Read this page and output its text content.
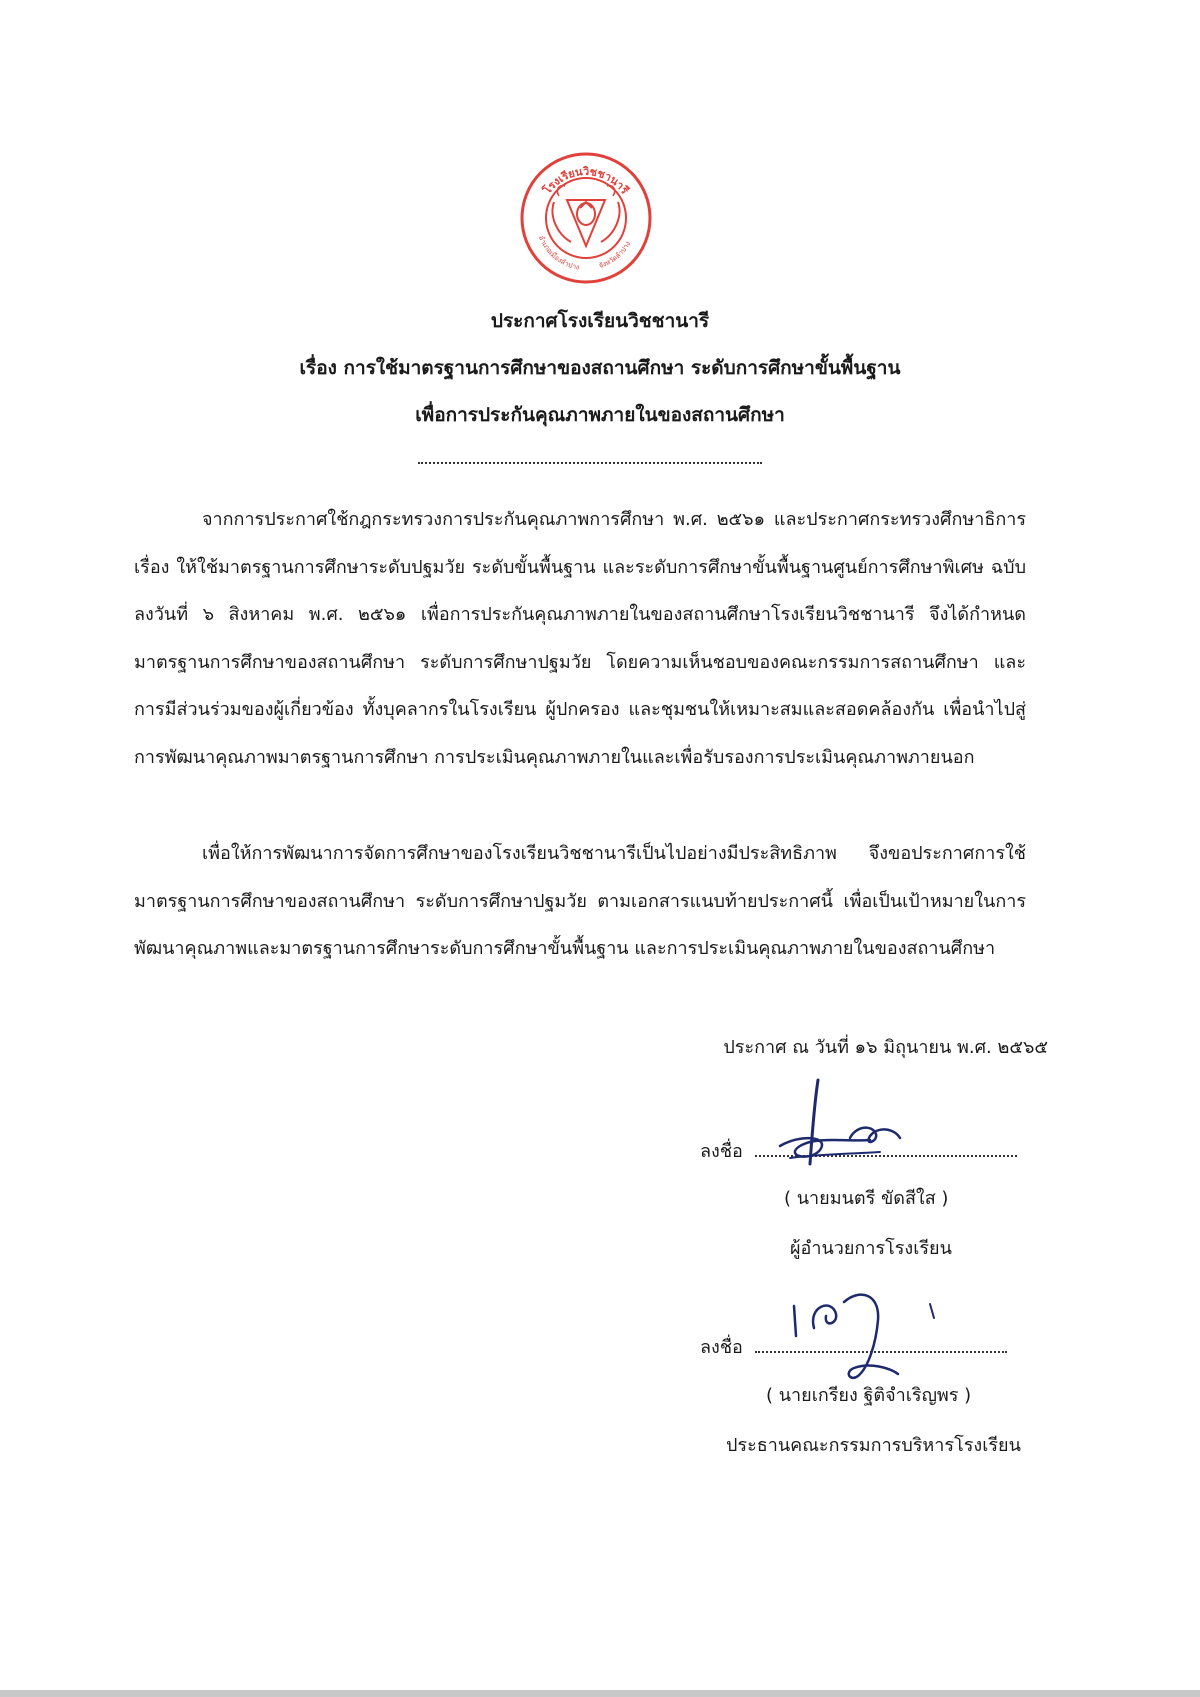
โรงเรียนวิชชานารี
อำเภอเมืองลำปาง	จังหวัดลำปาง
ประกาศโรงเรียนวิชชานารี
เรื่อง การใช้มาตรฐานการศึกษาของสถานศึกษา ระดับการศึกษาขั้นพื้นฐาน
เพื่อการประกันคุณภาพภายในของสถานศึกษา

จากการประกาศใช้กฎกระทรวงการประกันคุณภาพการศึกษา พ.ศ. ๒๕๖๑ และประกาศกระทรวงศึกษาธิการ เรื่อง ให้ใช้มาตรฐานการศึกษาระดับปฐมวัย ระดับขั้นพื้นฐาน และระดับการศึกษาขั้นพื้นฐานศูนย์การศึกษาพิเศษ ฉบับลงวันที่ ๖ สิงหาคม พ.ศ. ๒๕๖๑ เพื่อการประกันคุณภาพภายในของสถานศึกษาโรงเรียนวิชชานารี จึงได้กำหนดมาตรฐานการศึกษาของสถานศึกษา ระดับการศึกษาปฐมวัย โดยความเห็นชอบของคณะกรรมการสถานศึกษา และการมีส่วนร่วมของผู้เกี่ยวข้อง ทั้งบุคลากรในโรงเรียน ผู้ปกครอง และชุมชนให้เหมาะสมและสอดคล้องกัน เพื่อนำไปสู่การพัฒนาคุณภาพมาตรฐานการศึกษา การประเมินคุณภาพภายในและเพื่อรับรองการประเมินคุณภาพภายนอก

เพื่อให้การพัฒนาการจัดการศึกษาของโรงเรียนวิชชานารีเป็นไปอย่างมีประสิทธิภาพ จึงขอประกาศการใช้มาตรฐานการศึกษาของสถานศึกษา ระดับการศึกษาปฐมวัย ตามเอกสารแนบท้ายประกาศนี้ เพื่อเป็นเป้าหมายในการพัฒนาคุณภาพและมาตรฐานการศึกษาระดับการศึกษาขั้นพื้นฐาน และการประเมินคุณภาพภายในของสถานศึกษา

ประกาศ ณ วันที่ ๑๖ มิถุนายน พ.ศ. ๒๕๖๕
ลงชื่อ
( นายมนตรี ขัดสีใส )
ผู้อำนวยการโรงเรียน
ลงชื่อ
( นายเกรียง ฐิติจำเริญพร )
ประธานคณะกรรมการบริหารโรงเรียน
